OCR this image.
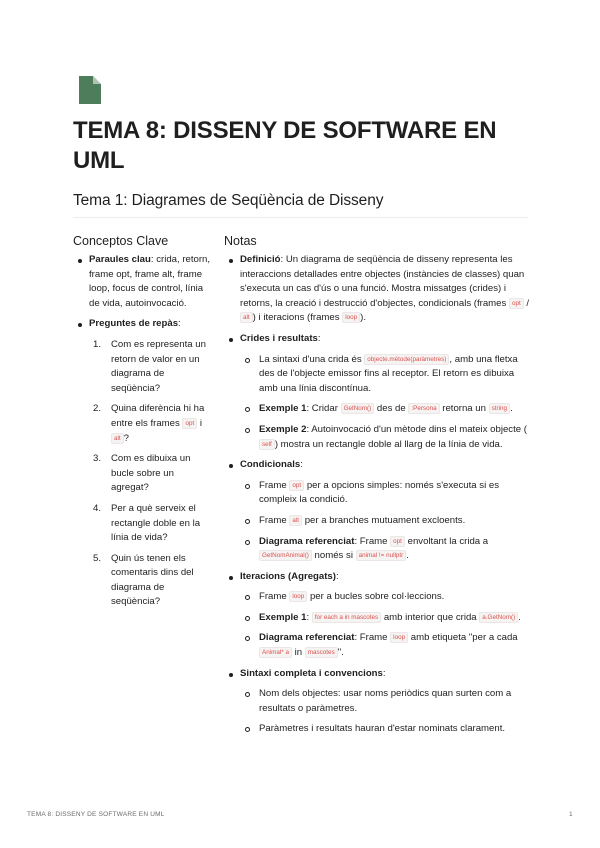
TEMA 8: DISSENY DE SOFTWARE EN UML
Tema 1: Diagrames de Seqüència de Disseny
Conceptos Clave	Notas
Paraules clau: crida, retorn, frame opt, frame alt, frame loop, focus de control, línia de vida, autoinvocació.
Preguntes de repàs:
1. Com es representa un retorn de valor en un diagrama de seqüència?
2. Quina diferència hi ha entre els frames opt i alt ?
3. Com es dibuixa un bucle sobre un agregat?
4. Per a què serveix el rectangle doble en la línia de vida?
5. Quin ús tenen els comentaris dins del diagrama de seqüència?
Definició: Un diagrama de seqüència de disseny representa les interaccions detallades entre objectes (instàncies de classes) quan s'executa un cas d'ús o una funció. Mostra missatges (crides) i retorns, la creació i destrucció d'objectes, condicionals (frames opt / alt ) i iteracions (frames loop ).
Crides i resultats:
La sintaxi d'una crida és objecte.mètode(paràmetres) , amb una fletxa des de l'objecte emissor fins al receptor. El retorn es dibuixa amb una línia discontínua.
Exemple 1: Cridar GetNom() des de :Persona retorna un string .
Exemple 2: Autoinvocació d'un mètode dins el mateix objecte (self ) mostra un rectangle doble al llarg de la línia de vida.
Condicionals:
Frame opt per a opcions simples: només s'executa si es compleix la condició.
Frame alt per a branches mutuament excloents.
Diagrama referenciat: Frame opt envoltant la crida a GetNomAnimal() només si animal != nullptr .
Iteracions (Agregats):
Frame loop per a bucles sobre col·leccions.
Exemple 1: for each a in mascotes amb interior que crida a.GetNom() .
Diagrama referenciat: Frame loop amb etiqueta "per a cada Animal* a in mascotes ".
Sintaxi completa i convencions:
Nom dels objectes: usar noms periòdics quan surten com a resultats o paràmetres.
Paràmetres i resultats hauran d'estar nominats clarament.
TEMA 8: DISSENY DE SOFTWARE EN UML	1
